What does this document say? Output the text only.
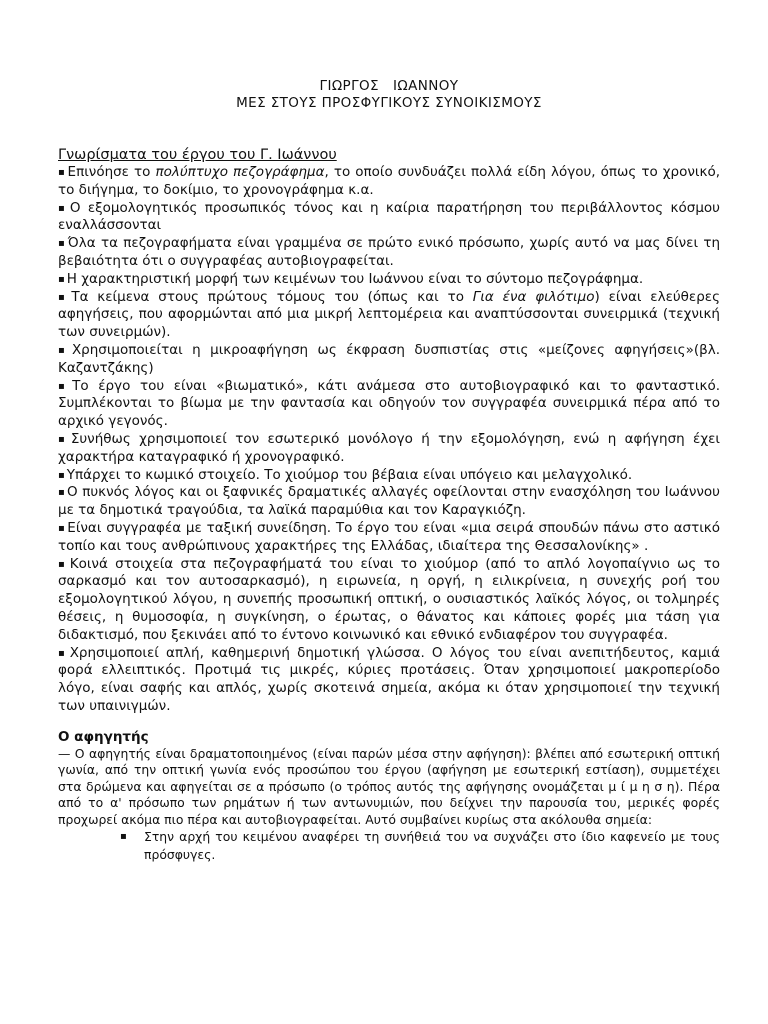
ΓΙΩΡΓΟΣ   ΙΩΑΝΝΟΥ

ΜΕΣ ΣΤΟΥΣ ΠΡΟΣΦΥΓΙΚΟΥΣ ΣΥΝΟΙΚΙΣΜΟΥΣ

Γνωρίσματα του έργου του Γ. Ιωάννου

▪ Επινόησε το πολύπτυχο πεζογράφημα, το οποίο συνδυάζει πολλά είδη λόγου, όπως το χρονικό, το διήγημα, το δοκίμιο, το χρονογράφημα κ.α.

▪ Ο εξομολογητικός προσωπικός τόνος και η καίρια παρατήρηση του περιβάλλοντος κόσμου εναλλάσσονται

▪ Όλα τα πεζογραφήματα είναι γραμμένα σε πρώτο ενικό πρόσωπο, χωρίς αυτό να μας δίνει τη βεβαιότητα ότι ο συγγραφέας αυτοβιογραφείται.

▪ Η χαρακτηριστική μορφή των κειμένων του Ιωάννου είναι το σύντομο πεζογράφημα.

▪ Τα κείμενα στους πρώτους τόμους του (όπως και το Για ένα φιλότιμο) είναι ελεύθερες αφηγήσεις, που αφορμώνται από μια μικρή λεπτομέρεια και αναπτύσσονται συνειρμικά (τεχνική των συνειρμών).

▪ Χρησιμοποιείται η μικροαφήγηση ως έκφραση δυσπιστίας στις «μείζονες αφηγήσεις»(βλ. Καζαντζάκης)

▪ Το έργο του είναι «βιωματικό», κάτι ανάμεσα στο αυτοβιογραφικό και το φανταστικό. Συμπλέκονται το βίωμα με την φαντασία και οδηγούν τον συγγραφέα συνειρμικά πέρα από το αρχικό γεγονός.

▪ Συνήθως χρησιμοποιεί τον εσωτερικό μονόλογο ή την εξομολόγηση, ενώ η αφήγηση έχει χαρακτήρα καταγραφικό ή χρονογραφικό.

▪ Υπάρχει το κωμικό στοιχείο. Το χιούμορ του βέβαια είναι υπόγειο και μελαγχολικό.

▪ Ο πυκνός λόγος και οι ξαφνικές δραματικές αλλαγές οφείλονται στην ενασχόληση του Ιωάννου με τα δημοτικά τραγούδια, τα λαϊκά παραμύθια και τον Καραγκιόζη.

▪ Είναι συγγραφέα με ταξική συνείδηση. Το έργο του είναι «μια σειρά σπουδών πάνω στο αστικό τοπίο και τους ανθρώπινους χαρακτήρες της Ελλάδας, ιδιαίτερα της Θεσσαλονίκης» .

▪ Κοινά στοιχεία στα πεζογραφήματά του είναι το χιούμορ (από το απλό λογοπαίγνιο ως το σαρκασμό και τον αυτοσαρκασμό), η ειρωνεία, η οργή, η ειλικρίνεια, η συνεχής ροή του εξομολογητικού λόγου, η συνεπής προσωπική οπτική, ο ουσιαστικός λαϊκός λόγος, οι τολμηρές θέσεις, η θυμοσοφία, η συγκίνηση, ο έρωτας, ο θάνατος και κάποιες φορές μια τάση για διδακτισμό, που ξεκινάει από το έντονο κοινωνικό και εθνικό ενδιαφέρον του συγγραφέα.

▪ Χρησιμοποιεί απλή, καθημερινή δημοτική γλώσσα. Ο λόγος του είναι ανεπιτήδευτος, καμιά φορά ελλειπτικός. Προτιμά τις μικρές, κύριες προτάσεις. Όταν χρησιμοποιεί μακροπερίοδο λόγο, είναι σαφής και απλός, χωρίς σκοτεινά σημεία, ακόμα κι όταν χρησιμοποιεί την τεχνική των υπαινιγμών.

Ο αφηγητής

— Ο αφηγητής είναι δραματοποιημένος (είναι παρών μέσα στην αφήγηση): βλέπει από εσωτερική οπτική γωνία, από την οπτική γωνία ενός προσώπου του έργου (αφήγηση με εσωτερική εστίαση), συμμετέχει στα δρώμενα και αφηγείται σε α πρόσωπο (ο τρόπος αυτός της αφήγησης ονομάζεται μ ί μ η σ η). Πέρα από το α' πρόσωπο των ρημάτων ή των αντωνυμιών, που δείχνει την παρουσία του, μερικές φορές προχωρεί ακόμα πιο πέρα και αυτοβιογραφείται. Αυτό συμβαίνει κυρίως στα ακόλουθα σημεία:

▪ Στην αρχή του κειμένου αναφέρει τη συνήθειά του να συχνάζει στο ίδιο καφενείο με τους πρόσφυγες.
